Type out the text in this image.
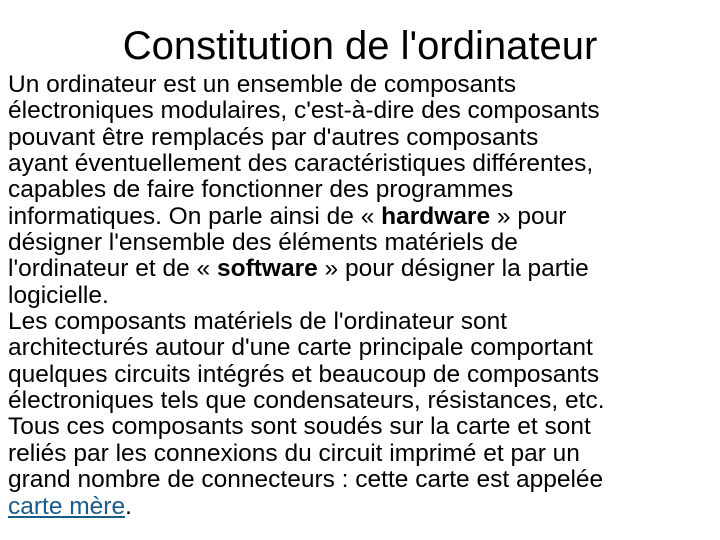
Constitution de l'ordinateur

Un ordinateur est un ensemble de composants
électroniques modulaires, c'est-à-dire des composants
pouvant être remplacés par d'autres composants
ayant éventuellement des caractéristiques différentes,
capables de faire fonctionner des programmes
informatiques. On parle ainsi de « hardware » pour
désigner l'ensemble des éléments matériels de
l'ordinateur et de « software » pour désigner la partie
logicielle.

Les composants matériels de l'ordinateur sont
architecturés autour d'une carte principale comportant
quelques circuits intégrés et beaucoup de composants
électroniques tels que condensateurs, résistances, etc.
Tous ces composants sont soudés sur la carte et sont
reliés par les connexions du circuit imprimé et par un
grand nombre de connecteurs : cette carte est appelée
carte mère.
